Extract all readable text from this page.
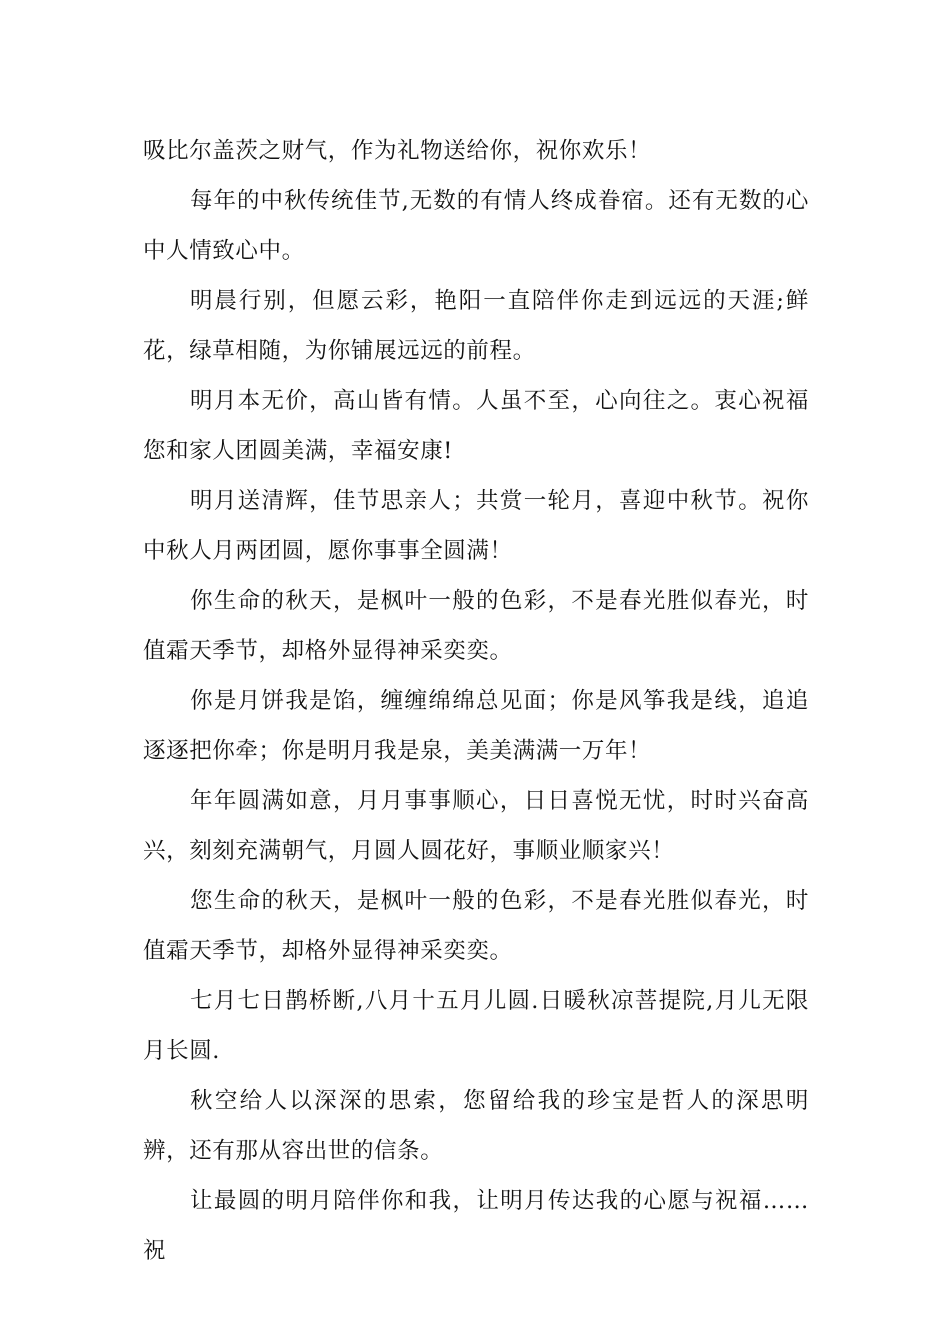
吸比尔盖茨之财气，作为礼物送给你，祝你欢乐！

每年的中秋传统佳节,无数的有情人终成眷宿。还有无数的心中人情致心中。

明晨行别，但愿云彩，艳阳一直陪伴你走到远远的天涯;鲜花，绿草相随，为你铺展远远的前程。

明月本无价，高山皆有情。人虽不至，心向往之。衷心祝福您和家人团圆美满，幸福安康!

明月送清辉，佳节思亲人；共赏一轮月，喜迎中秋节。祝你中秋人月两团圆，愿你事事全圆满！

你生命的秋天，是枫叶一般的色彩，不是春光胜似春光，时值霜天季节，却格外显得神采奕奕。

你是月饼我是馅，缠缠绵绵总见面；你是风筝我是线，追追逐逐把你牵；你是明月我是泉，美美满满一万年！

年年圆满如意，月月事事顺心，日日喜悦无忧，时时兴奋高兴，刻刻充满朝气，月圆人圆花好，事顺业顺家兴！

您生命的秋天，是枫叶一般的色彩，不是春光胜似春光，时值霜天季节，却格外显得神采奕奕。

七月七日鹊桥断,八月十五月儿圆.日暖秋凉菩提院,月儿无限月长圆.

秋空给人以深深的思索，您留给我的珍宝是哲人的深思明辨，还有那从容出世的信条。

让最圆的明月陪伴你和我，让明月传达我的心愿与祝福……祝
